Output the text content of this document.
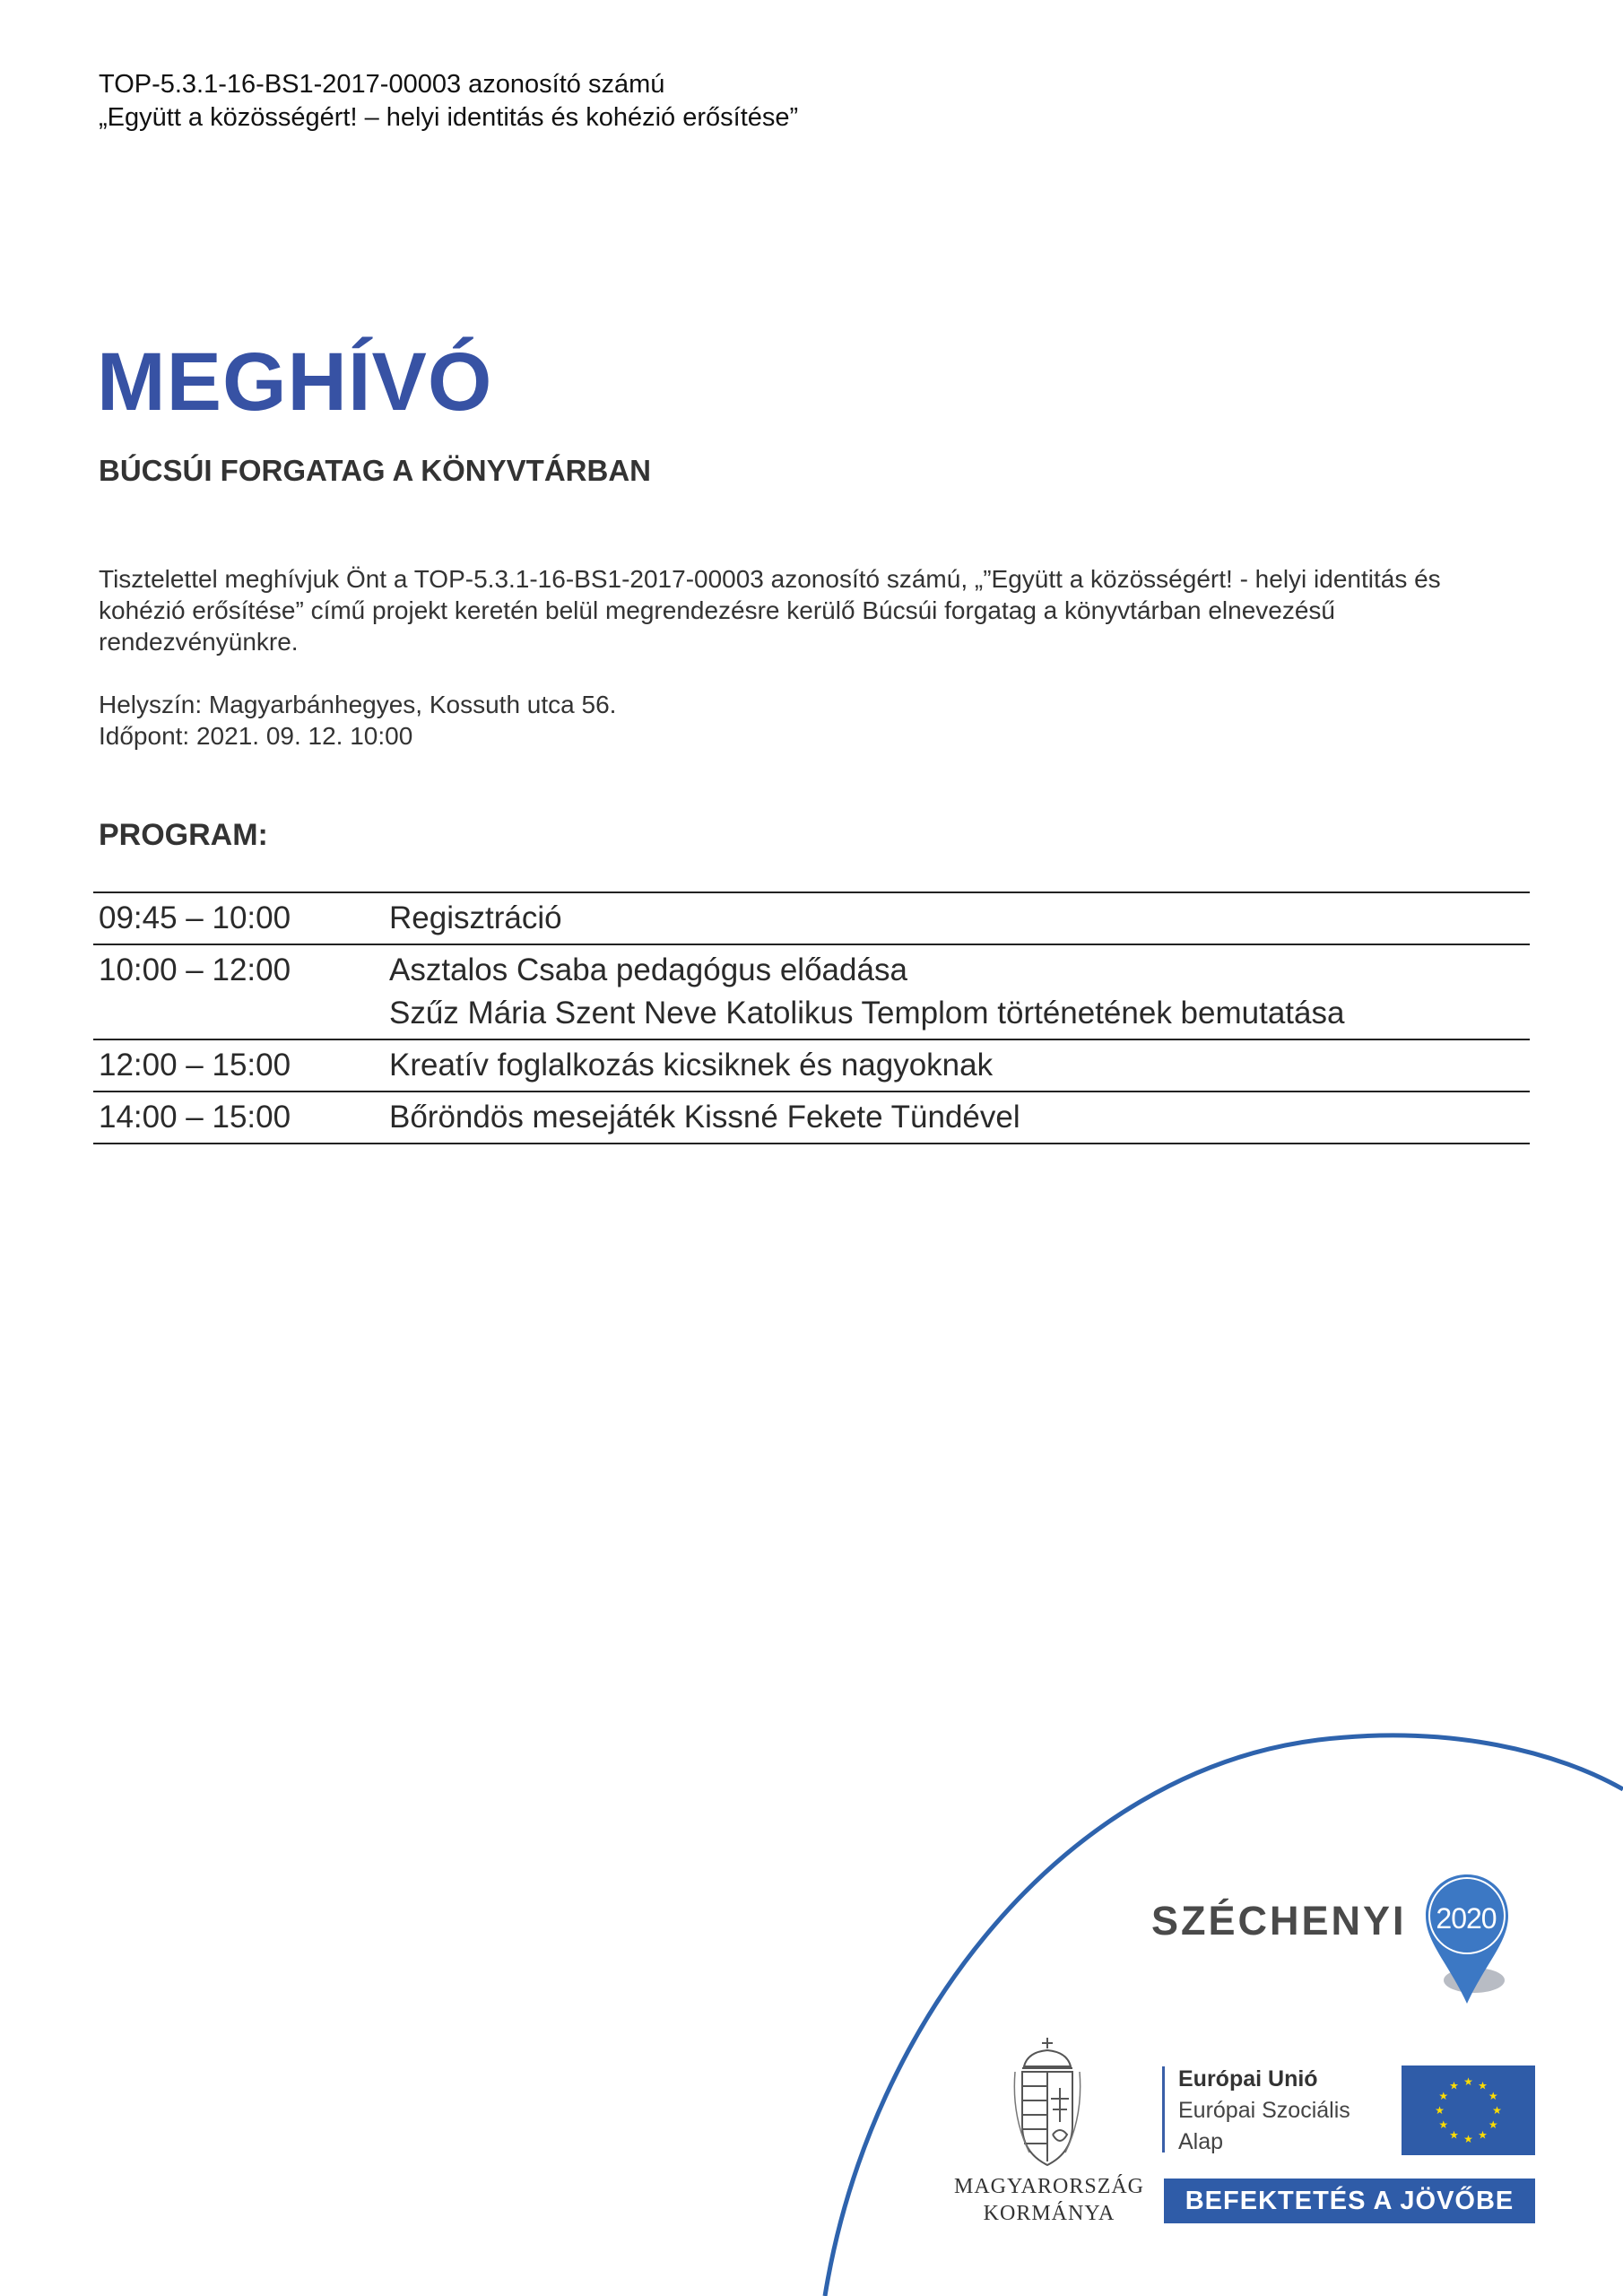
TOP-5.3.1-16-BS1-2017-00003 azonosító számú
„Együtt a közösségért! – helyi identitás és kohézió erősítése”
MEGHÍVÓ
BÚCSÚI FORGATAG A KÖNYVTÁRBAN
Tisztelettel meghívjuk Önt a TOP-5.3.1-16-BS1-2017-00003 azonosító számú, „”Együtt a közösségért! - helyi identitás és kohézió erősítése” című projekt keretén belül megrendezésre kerülő Búcsúi forgatag a könyvtárban elnevezésű rendezvényünkre.
Helyszín: Magyarbánhegyes, Kossuth utca 56.
Időpont: 2021. 09. 12. 10:00
PROGRAM:
09:45 – 10:00	Regisztráció
10:00 – 12:00	Asztalos Csaba pedagógus előadása
Szűz Mária Szent Neve Katolikus Templom történetének bemutatása
12:00 – 15:00	Kreatív foglalkozás kicsiknek és nagyoknak
14:00 – 15:00	Bőröndös mesejáték Kissné Fekete Tündével
SZÉCHENYI	2020
MAGYARORSZÁG
KORMÁNYA
Európai Unió
Európai Szociális
Alap
★ ★
★
★
★
★
★
★
★
★
★
★
BEFEKTETÉS A JÖVŐBE
